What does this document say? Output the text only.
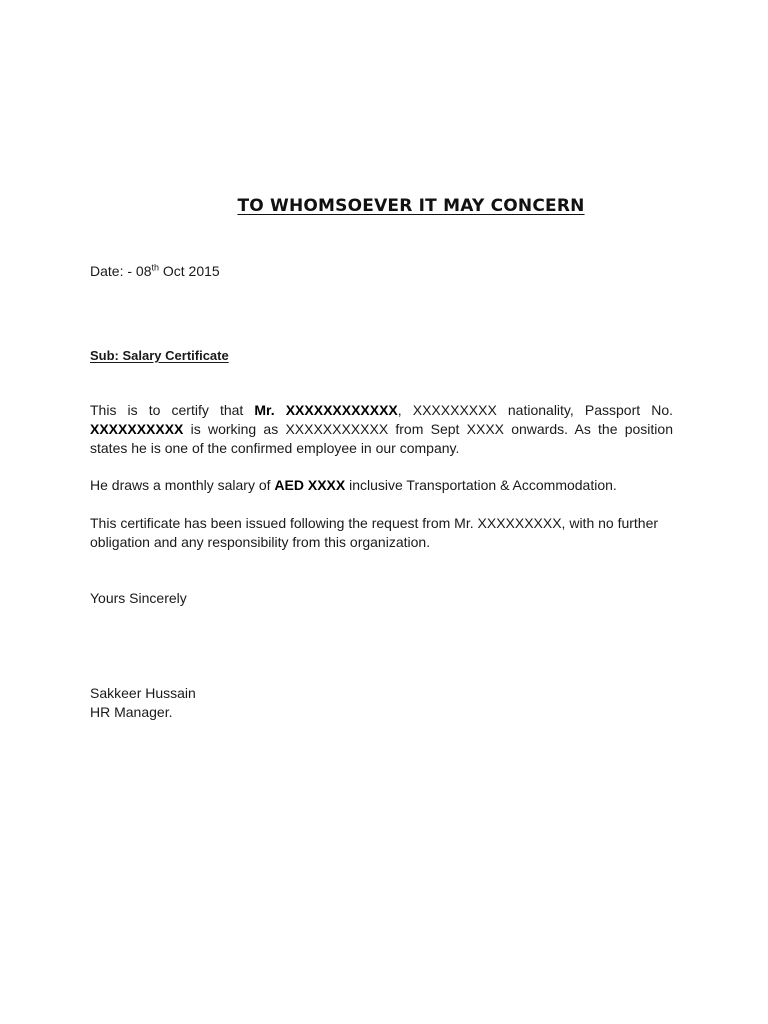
TO WHOMSOEVER IT MAY CONCERN
Date: - 08th Oct 2015
Sub: Salary Certificate
This is to certify that Mr. XXXXXXXXXXXX, XXXXXXXXX nationality, Passport No. XXXXXXXXXX is working as XXXXXXXXXXX from Sept XXXX onwards. As the position states he is one of the confirmed employee in our company.
He draws a monthly salary of AED XXXX inclusive Transportation & Accommodation.
This certificate has been issued following the request from Mr. XXXXXXXXX, with no further obligation and any responsibility from this organization.
Yours Sincerely
Sakkeer Hussain
HR Manager.
